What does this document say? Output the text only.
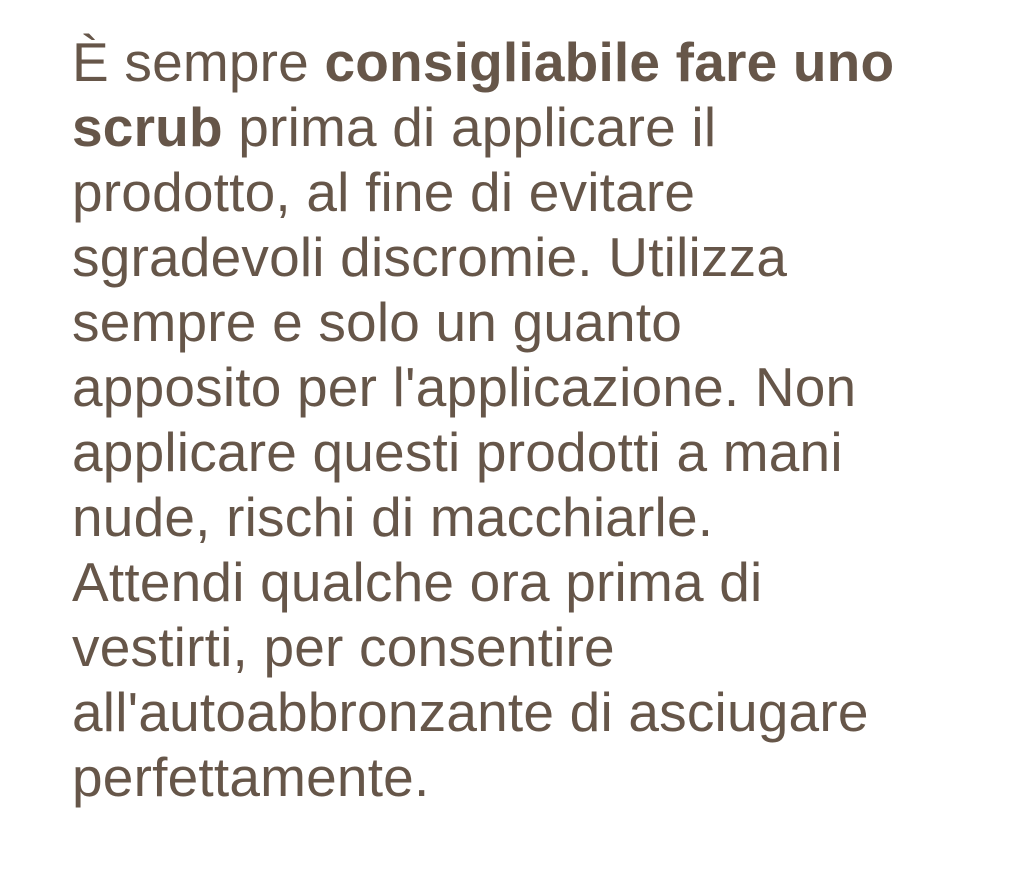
È sempre consigliabile fare uno
scrub prima di applicare il
prodotto, al fine di evitare
sgradevoli discromie. Utilizza
sempre e solo un guanto
apposito per l'applicazione. Non
applicare questi prodotti a mani
nude, rischi di macchiarle.
Attendi qualche ora prima di
vestirti, per consentire
all'autoabbronzante di asciugare
perfettamente.
